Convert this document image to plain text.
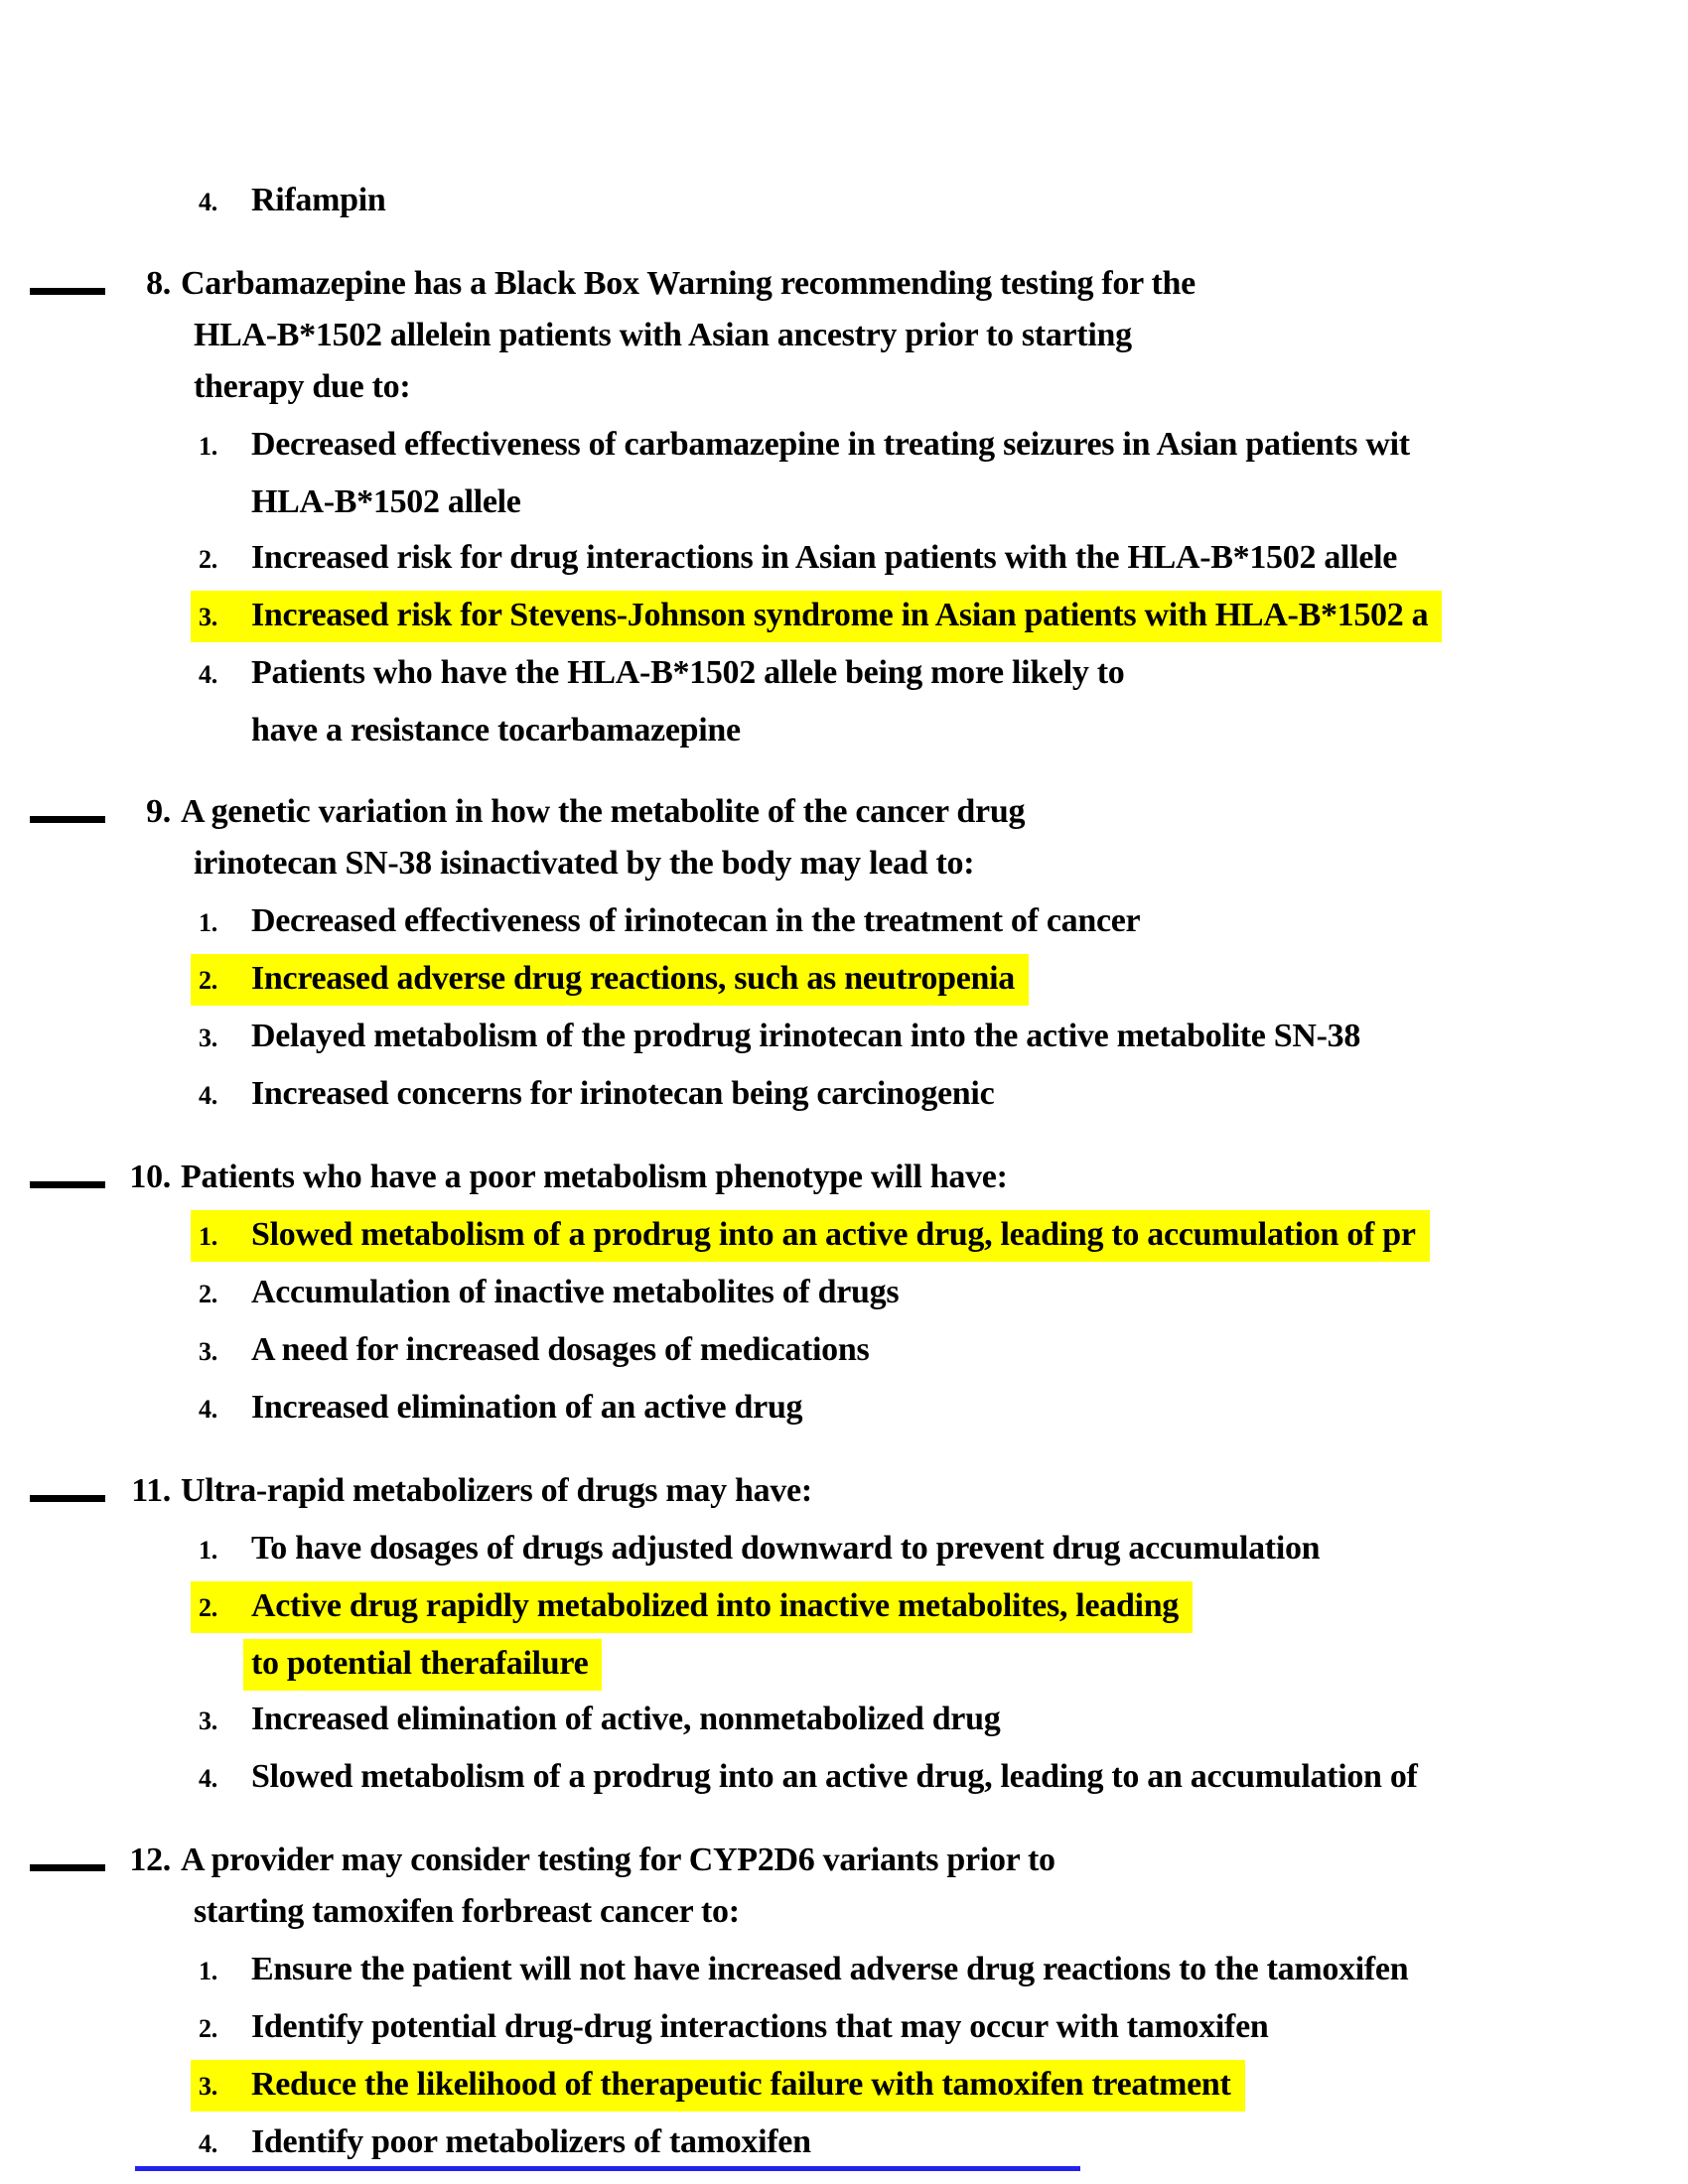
4. Rifampin
8. Carbamazepine has a Black Box Warning recommending testing for the
HLA-B*1502 allelein patients with Asian ancestry prior to starting
therapy due to:
1. Decreased effectiveness of carbamazepine in treating seizures in Asian patients wit
HLA-B*1502 allele
2. Increased risk for drug interactions in Asian patients with the HLA-B*1502 allele
3. Increased risk for Stevens-Johnson syndrome in Asian patients with HLA-B*1502 a
4. Patients who have the HLA-B*1502 allele being more likely to
have a resistance tocarbamazepine
9. A genetic variation in how the metabolite of the cancer drug
irinotecan SN-38 isinactivated by the body may lead to:
1. Decreased effectiveness of irinotecan in the treatment of cancer
2. Increased adverse drug reactions, such as neutropenia
3. Delayed metabolism of the prodrug irinotecan into the active metabolite SN-38
4. Increased concerns for irinotecan being carcinogenic
10. Patients who have a poor metabolism phenotype will have:
1. Slowed metabolism of a prodrug into an active drug, leading to accumulation of pr
2. Accumulation of inactive metabolites of drugs
3. A need for increased dosages of medications
4. Increased elimination of an active drug
11. Ultra-rapid metabolizers of drugs may have:
1. To have dosages of drugs adjusted downward to prevent drug accumulation
2. Active drug rapidly metabolized into inactive metabolites, leading
to potential therafailure
3. Increased elimination of active, nonmetabolized drug
4. Slowed metabolism of a prodrug into an active drug, leading to an accumulation of
12. A provider may consider testing for CYP2D6 variants prior to
starting tamoxifen forbreast cancer to:
1. Ensure the patient will not have increased adverse drug reactions to the tamoxifen
2. Identify potential drug-drug interactions that may occur with tamoxifen
3. Reduce the likelihood of therapeutic failure with tamoxifen treatment
4. Identify poor metabolizers of tamoxifen
